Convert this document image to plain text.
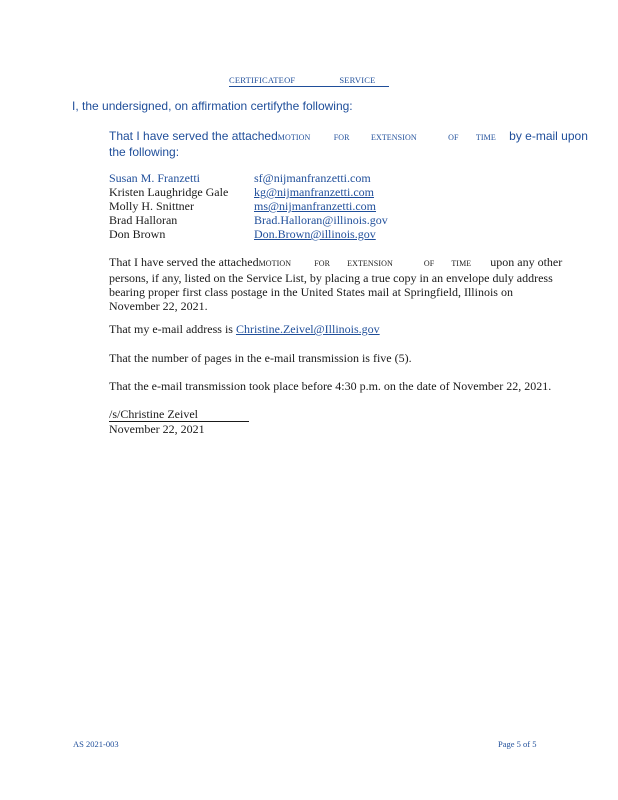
CERTIFICATEOF	SERVICE
I, the undersigned, on affirmation certifythe following:
That I have served the attachedMOTION	FOR	EXTENSION	OF TIME by e-mail upon
the following:
Susan M. Franzetti	sf@nijmanfranzetti.com
Kristen Laughridge Gale	kg@nijmanfranzetti.com
Molly H. Snittner	ms@nijmanfranzetti.com
Brad Halloran	Brad.Halloran@illinois.gov
Don Brown	Don.Brown@illinois.gov
That I have served the attachedMOTION	FOR EXTENSION	OF TIME upon any other
persons, if any, listed on the Service List, by placing a true copy in an envelope duly address
bearing proper first class postage in the United States mail at Springfield, Illinois on
November 22, 2021.
That my e-mail address is Christine.Zeivel@Illinois.gov
That the number of pages in the e-mail transmission is five (5).
That the e-mail transmission took place before 4:30 p.m. on the date of November 22, 2021.
/s/Christine Zeivel
November 22, 2021
AS 2021-003	Page 5 of 5
